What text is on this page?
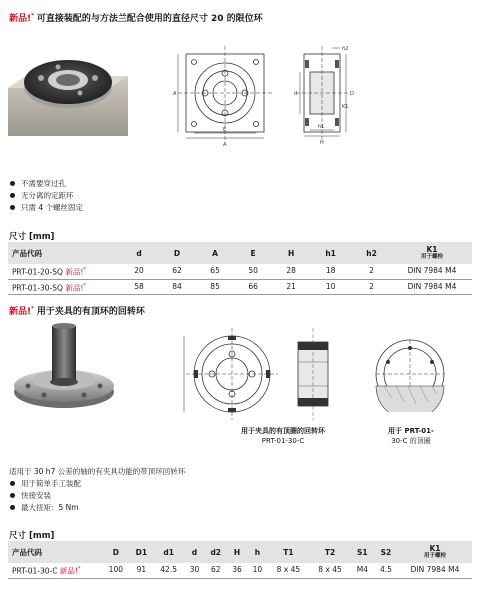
新品!* 可直接装配的与方法兰配合使用的直径尺寸 20 的限位环
A
E
A
h2
d	D
K1
h1
H
不需要穿过孔
无分离的定距环
只需 4 个螺丝固定
尺寸 [mm]
产品代码	d	D	A	E	H	h1	h2	K1
用于螺栓

PRT-01-20-SQ 新品!*	20	62	65	50	28	18	2	DIN 7984 M4
PRT-01-30-SQ 新品!*	58	84	85	66	21	10	2	DIN 7984 M4
新品!* 用于夹具的有顶环的回转环
用于夹具的有顶圈的回转环
PRT-01-30-C
用于 PRT-01-
30-C 的顶圈
适用于 30 h7 公差的轴的有夹具功能的带顶环回转环
用于简单手工装配
快接安装
最大扭矩：5 Nm
尺寸 [mm]
产品代码	D	D1	d1	d	d2	H	h	T1	T2	S1	S2	K1
用于螺栓

PRT-01-30-C 新品!*	100	91	42.5	30	62	36	10	8 x 45	8 x 45	M4	4.5	DIN 7984 M4
